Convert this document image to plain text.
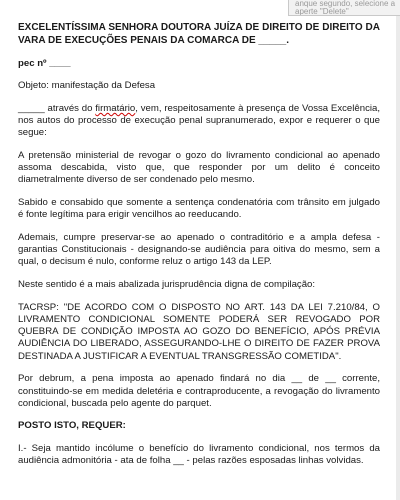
anque segundo, selecione a
aperte "Delete"

EXCELENTÍSSIMA SENHORA DOUTORA JUÍZA DE DIREITO DE DIREITO DA VARA DE EXECUÇÕES PENAIS DA COMARCA DE _____.

pec nº ____

Objeto: manifestação da Defesa

_____ através do firmatário, vem, respeitosamente à presença de Vossa Excelência, nos autos do processo de execução penal supranumerado, expor e requerer o que segue:

A pretensão ministerial de revogar o gozo do livramento condicional ao apenado assoma descabida, visto que, que responder por um delito é conceito diametralmente diverso de ser condenado pelo mesmo.

Sabido e consabido que somente a sentença condenatória com trânsito em julgado é fonte legítima para erigir vencilhos ao reeducando.

Ademais, cumpre preservar-se ao apenado o contraditório e a ampla defesa - garantias Constitucionais - designando-se audiência para oitiva do mesmo, sem a qual, o decisum é nulo, conforme reluz o artigo 143 da LEP.

Neste sentido é a mais abalizada jurisprudência digna de compilação:

TACRSP: "DE ACORDO COM O DISPOSTO NO ART. 143 DA LEI 7.210/84, O LIVRAMENTO CONDICIONAL SOMENTE PODERÁ SER REVOGADO POR QUEBRA DE CONDIÇÃO IMPOSTA AO GOZO DO BENEFÍCIO, APÓS PRÉVIA AUDIÊNCIA DO LIBERADO, ASSEGURANDO-LHE O DIREITO DE FAZER PROVA DESTINADA A JUSTIFICAR A EVENTUAL TRANSGRESSÃO COMETIDA".

Por debrum, a pena imposta ao apenado findará no dia __ de __ corrente, constituindo-se em medida deletéria e contraproducente, a revogação do livramento condicional, buscada pelo agente do parquet.

POSTO ISTO, REQUER:

I.- Seja mantido incólume o benefício do livramento condicional, nos termos da audiência admonitória - ata de folha __ - pelas razões esposadas linhas volvidas.
